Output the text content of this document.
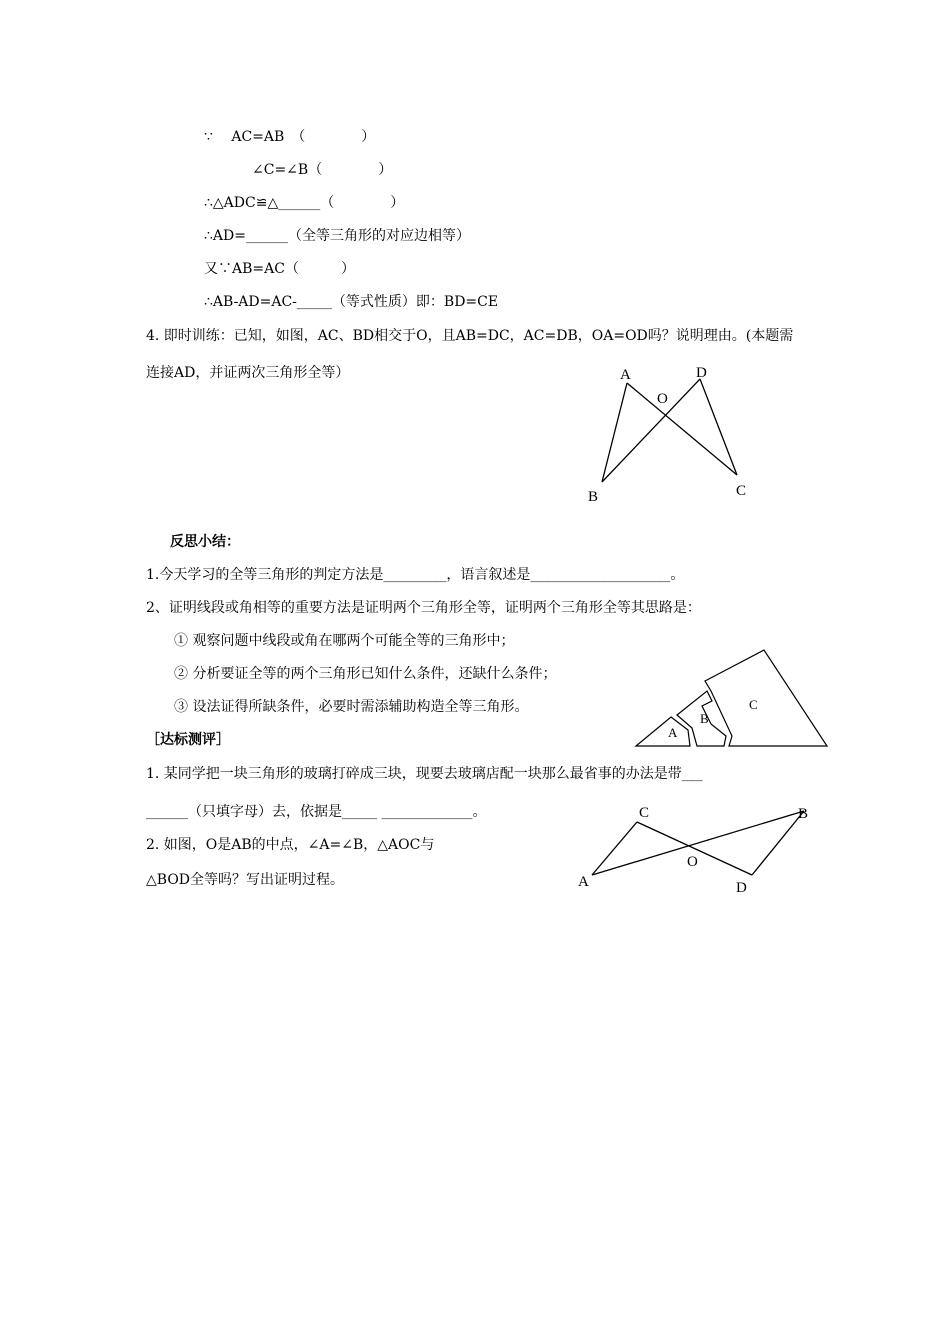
∵　 AC=AB　（　　　　）
∠C=∠B（　　　　）
∴△ADC≌△______（　　　　）
∴AD=______（全等三角形的对应边相等）
又∵AB=AC（　　　）
∴AB-AD=AC-_____（等式性质）即：BD=CE
4. 即时训练：已知，如图，AC、BD相交于O，且AB=DC，AC=DB，OA=OD吗？说明理由。(本题需
连接AD，并证两次三角形全等）	A	D
O
B	C
反思小结：
1.今天学习的全等三角形的判定方法是_________，语言叙述是____________________。
2、证明线段或角相等的重要方法是证明两个三角形全等，证明两个三角形全等其思路是：
① 观察问题中线段或角在哪两个可能全等的三角形中；
② 分析要证全等的两个三角形已知什么条件，还缺什么条件；
③ 设法证得所缺条件，必要时需添辅助构造全等三角形。
A
B
C
［达标测评］
1. 某同学把一块三角形的玻璃打碎成三块，现要去玻璃店配一块那么最省事的办法是带___
______（只填字母）去，依据是_____ _____________。
2. 如图，O是AB的中点，∠A=∠B，△AOC与
△BOD全等吗？写出证明过程。
C	B
O
A	D
